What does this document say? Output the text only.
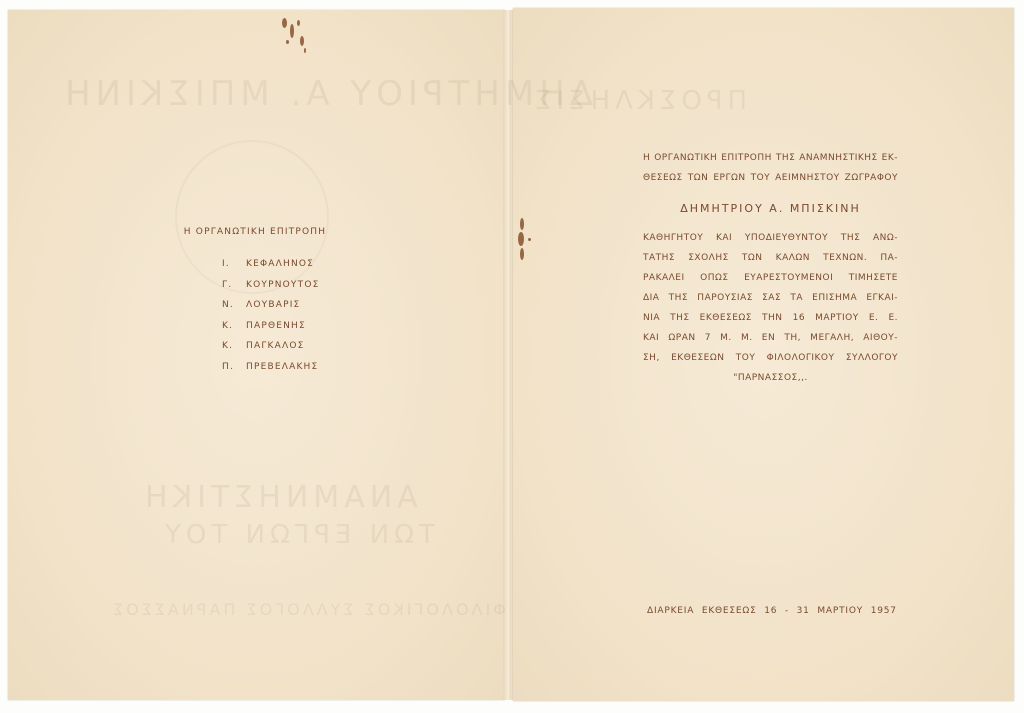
ΔΗΜΗΤΡΙΟΥ Α. ΜΠΙΣΚΙΝΗ
ΑΝΑΜΝΗΣΤΙΚΗ
ΤΩΝ ΕΡΓΩΝ ΤΟΥ
ΦΙΛΟΛΟΓΙΚΟΣ ΣΥΛΛΟΓΟΣ ΠΑΡΝΑΣΣΟΣ
ΠΡΟΣΚΛΗΣΙΣ
Η ΟΡΓΑΝΩΤΙΚΗ ΕΠΙΤΡΟΠΗ
Ι. ΚΕΦΑΛΗΝΟΣ
Γ. ΚΟΥΡΝΟΥΤΟΣ
Ν. ΛΟΥΒΑΡΙΣ
Κ. ΠΑΡΘΕΝΗΣ
Κ. ΠΑΓΚΑΛΟΣ
Π. ΠΡΕΒΕΛΑΚΗΣ
Η ΟΡΓΑΝΩΤΙΚΗ ΕΠΙΤΡΟΠΗ ΤΗΣ ΑΝΑΜΝΗΣΤΙΚΗΣ ΕΚ-
ΘΕΣΕΩΣ ΤΩΝ ΕΡΓΩΝ ΤΟΥ ΑΕΙΜΝΗΣΤΟΥ ΖΩΓΡΑΦΟΥ
ΔΗΜΗΤΡΙΟΥ Α. ΜΠΙΣΚΙΝΗ
ΚΑΘΗΓΗΤΟΥ ΚΑΙ ΥΠΟΔΙΕΥΘΥΝΤΟΥ ΤΗΣ ΑΝΩ-
ΤΑΤΗΣ ΣΧΟΛΗΣ ΤΩΝ ΚΑΛΩΝ ΤΕΧΝΩΝ. ΠΑ-
ΡΑΚΑΛΕΙ ΟΠΩΣ ΕΥΑΡΕΣΤΟΥΜΕΝΟΙ ΤΙΜΗΣΕΤΕ
ΔΙΑ ΤΗΣ ΠΑΡΟΥΣΙΑΣ ΣΑΣ ΤΑ ΕΠΙΣΗΜΑ ΕΓΚΑΙ-
ΝΙΑ ΤΗΣ ΕΚΘΕΣΕΩΣ ΤΗΝ 16 ΜΑΡΤΙΟΥ Ε. Ε.
ΚΑΙ ΩΡΑΝ 7 Μ. Μ. ΕΝ ΤΗ, ΜΕΓΑΛΗ, ΑΙΘΟΥ-
ΣΗ, ΕΚΘΕΣΕΩΝ ΤΟΥ ΦΙΛΟΛΟΓΙΚΟΥ ΣΥΛΛΟΓΟΥ
"ΠΑΡΝΑΣΣΟΣ,,.
ΔΙΑΡΚΕΙΑ ΕΚΘΕΣΕΩΣ 16 - 31 ΜΑΡΤΙΟΥ 1957
